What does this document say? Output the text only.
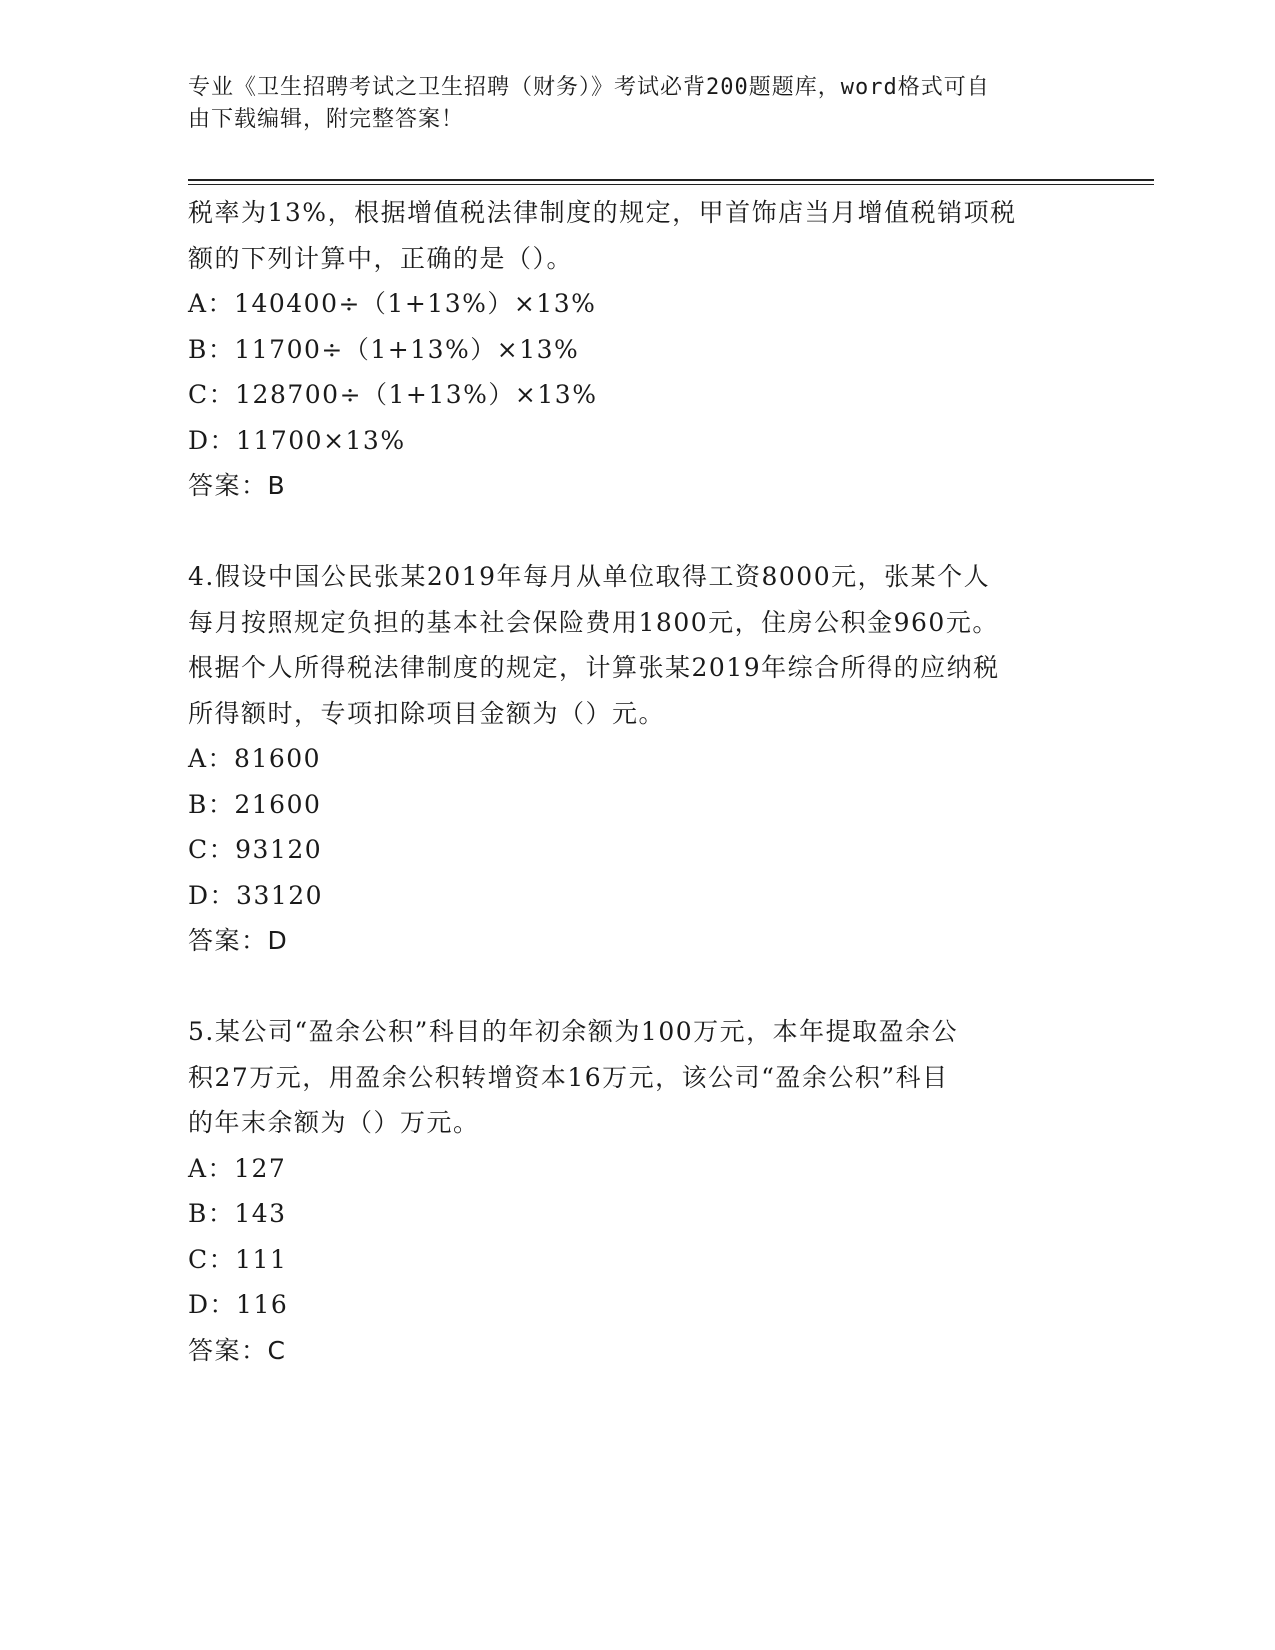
专业《卫生招聘考试之卫生招聘（财务）》考试必背200题题库，word格式可自
由下载编辑，附完整答案！

税率为13%，根据增值税法律制度的规定，甲首饰店当月增值税销项税

额的下列计算中，正确的是（）。

A：140400÷（1+13%）×13%

B：11700÷（1+13%）×13%

C：128700÷（1+13%）×13%

D：11700×13%

答案：B

4.假设中国公民张某2019年每月从单位取得工资8000元，张某个人

每月按照规定负担的基本社会保险费用1800元，住房公积金960元。

根据个人所得税法律制度的规定，计算张某2019年综合所得的应纳税

所得额时，专项扣除项目金额为（）元。

A：81600

B：21600

C：93120

D：33120

答案：D

5.某公司“盈余公积”科目的年初余额为100万元，本年提取盈余公

积27万元，用盈余公积转增资本16万元，该公司“盈余公积”科目

的年末余额为（）万元。

A：127

B：143

C：111

D：116

答案：C
